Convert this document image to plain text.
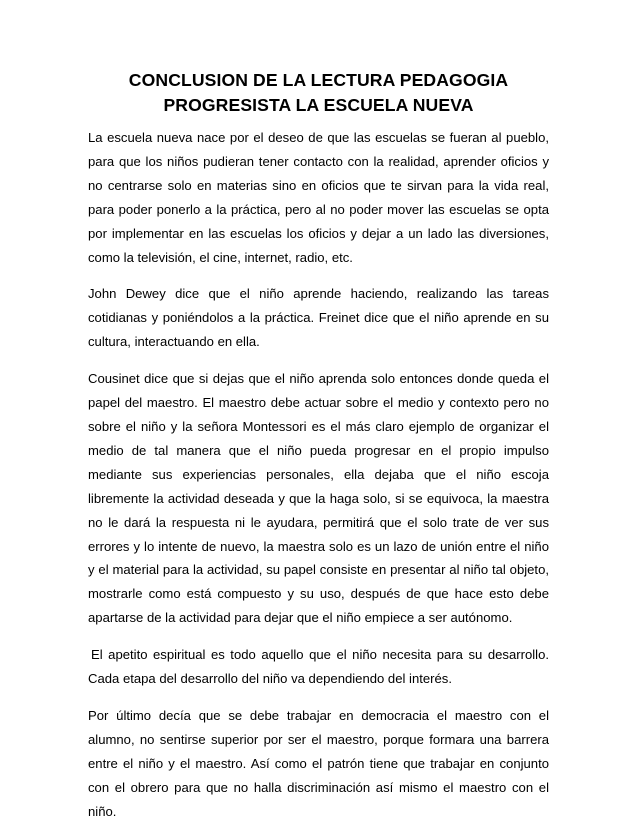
CONCLUSION DE LA LECTURA PEDAGOGIA
PROGRESISTA LA ESCUELA NUEVA

La escuela nueva nace por el deseo de que las escuelas se fueran al pueblo, para que los niños pudieran tener contacto con la realidad, aprender oficios y no centrarse solo en materias sino en oficios que te sirvan para la vida real, para poder ponerlo a la práctica, pero al no poder mover las escuelas se opta por implementar en las escuelas los oficios y dejar a un lado las diversiones, como la televisión, el cine, internet, radio, etc.

John Dewey dice que el niño aprende haciendo, realizando las tareas cotidianas y poniéndolos a la práctica. Freinet dice que el niño aprende en su cultura, interactuando en ella.

Cousinet dice que si dejas que el niño aprenda solo entonces donde queda el papel del maestro. El maestro debe actuar sobre el medio y contexto pero no sobre el niño y la señora Montessori es el más claro ejemplo de organizar el medio de tal manera que el niño pueda progresar en el propio impulso mediante sus experiencias personales, ella dejaba que el niño escoja libremente la actividad deseada y que la haga solo, si se equivoca, la maestra no le dará la respuesta ni le ayudara, permitirá que el solo trate de ver sus errores y lo intente de nuevo, la maestra solo es un lazo de unión entre el niño y el material para la actividad, su papel consiste en presentar al niño tal objeto, mostrarle como está compuesto y su uso, después de que hace esto debe apartarse de la actividad para dejar que el niño empiece a ser autónomo.

El apetito espiritual es todo aquello que el niño necesita para su desarrollo. Cada etapa del desarrollo del niño va dependiendo del interés.

Por último decía que se debe trabajar en democracia el maestro con el alumno, no sentirse superior por ser el maestro, porque formara una barrera entre el niño y el maestro. Así como el patrón tiene que trabajar en conjunto con el obrero para que no halla discriminación así mismo el maestro con el niño.
